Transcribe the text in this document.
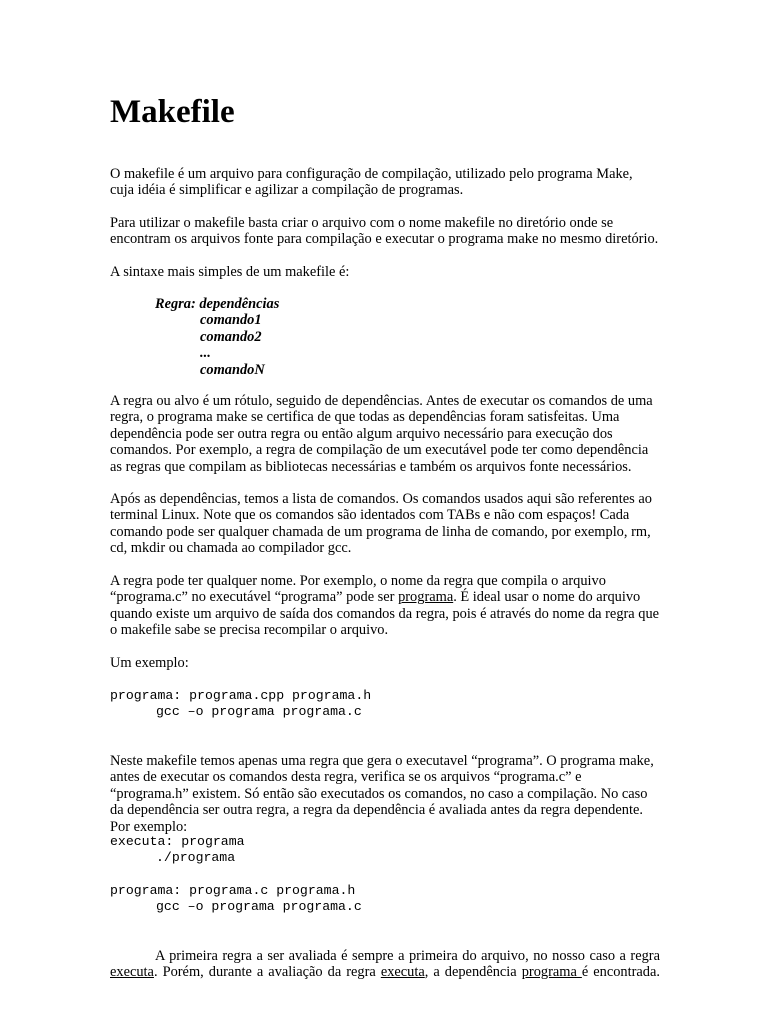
Makefile

O makefile é um arquivo para configuração de compilação, utilizado pelo programa Make, cuja idéia é simplificar e agilizar a compilação de programas.

Para utilizar o makefile basta criar o arquivo com o nome makefile no diretório onde se encontram os arquivos fonte para compilação e executar o programa make no mesmo diretório.

A sintaxe mais simples de um makefile é:

Regra: dependências
comando1
comando2
...
comandoN

A regra ou alvo é um rótulo, seguido de dependências. Antes de executar os comandos de uma regra, o programa make se certifica de que todas as dependências foram satisfeitas. Uma dependência pode ser outra regra ou então algum arquivo necessário para execução dos comandos. Por exemplo, a regra de compilação de um executável pode ter como dependência as regras que compilam as bibliotecas necessárias e também os arquivos fonte necessários.

Após as dependências, temos a lista de comandos. Os comandos usados aqui são referentes ao terminal Linux. Note que os comandos são identados com TABs e não com espaços! Cada comando pode ser qualquer chamada de um programa de linha de comando, por exemplo, rm, cd, mkdir ou chamada ao compilador gcc.

A regra pode ter qualquer nome. Por exemplo, o nome da regra que compila o arquivo “programa.c” no executável “programa” pode ser programa. É ideal usar o nome do arquivo quando existe um arquivo de saída dos comandos da regra, pois é através do nome da regra que o makefile sabe se precisa recompilar o arquivo.

Um exemplo:

programa: programa.cpp programa.h
gcc –o programa programa.c

Neste makefile temos apenas uma regra que gera o executavel “programa”. O programa make, antes de executar os comandos desta regra, verifica se os arquivos “programa.c” e “programa.h” existem. Só então são executados os comandos, no caso a compilação. No caso da dependência ser outra regra, a regra da dependência é avaliada antes da regra dependente. Por exemplo:

executa: programa
./programa
programa: programa.c programa.h
gcc –o programa programa.c
A primeira regra a ser avaliada é sempre a primeira do arquivo, no nosso caso a regra
executa. Porém, durante a avaliação da regra executa, a dependência programa é encontrada.
